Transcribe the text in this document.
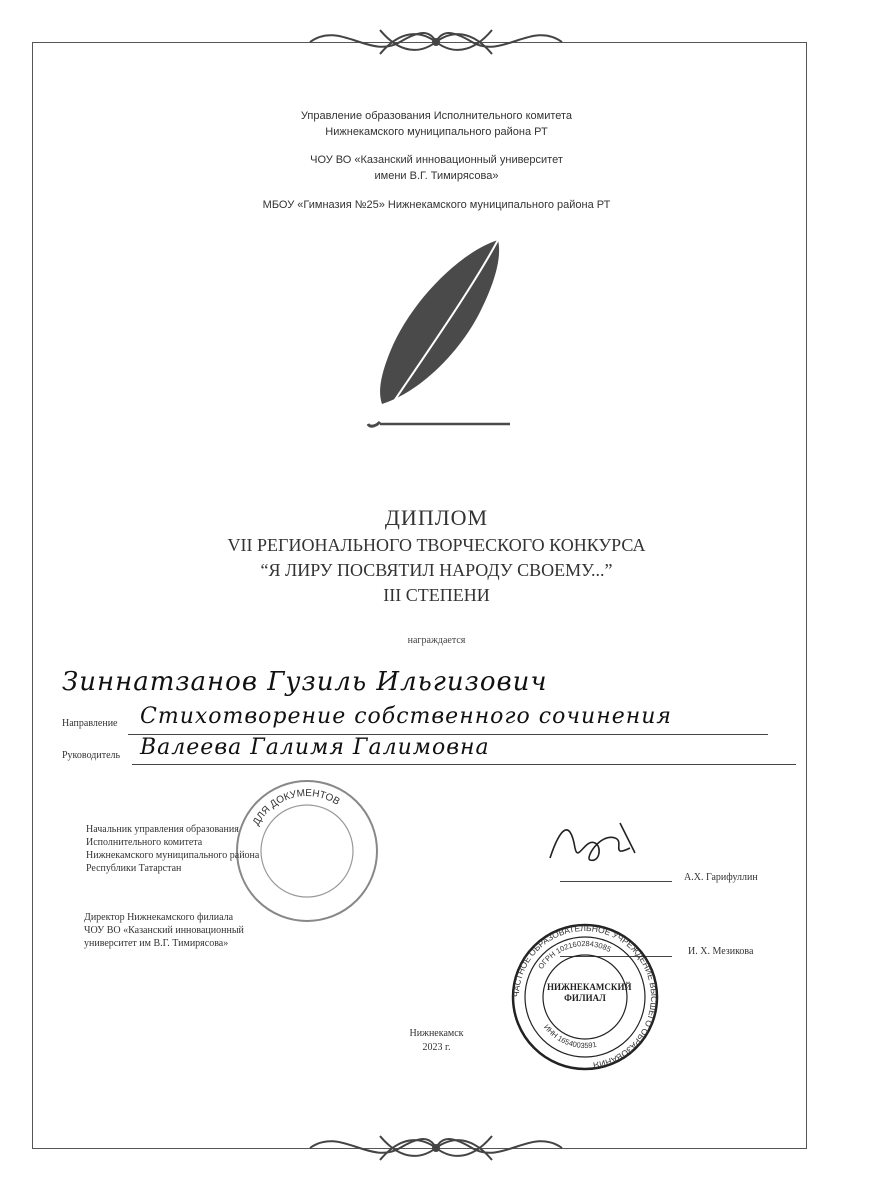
Управление образования Исполнительного комитета
Нижнекамского муниципального района РТ
ЧОУ ВО «Казанский инновационный университет
имени В.Г. Тимирясова»
МБОУ «Гимназия №25» Нижнекамского муниципального района РТ
ДИПЛОМ
VII РЕГИОНАЛЬНОГО ТВОРЧЕСКОГО КОНКУРСА
“Я ЛИРУ ПОСВЯТИЛ НАРОДУ СВОЕМУ...”
III СТЕПЕНИ
награждается
Зиннатзанов Гузиль Ильгизович
Направление Стихотворение собственного сочинения
Руководитель Валеева Галимя Галимовна
ДЛЯ ДОКУМЕНТОВ
Начальник управления образования
Исполнительного комитета
Нижнекамского муниципального района
Республики Татарстан
А.Х. Гарифуллин
Директор Нижнекамского филиала
ЧОУ ВО «Казанский инновационный
университет им В.Г. Тимирясова»
И. Х. Мезикова
ЧАСТНОЕ ОБРАЗОВАТЕЛЬНОЕ УЧРЕЖДЕНИЕ ВЫСШЕГО ОБРАЗОВАНИЯ
ОГРН 1021602843085
ИНН 1654003591
НИЖНЕКАМСКИЙ ФИЛИАЛ
Нижнекамск
2023 г.
